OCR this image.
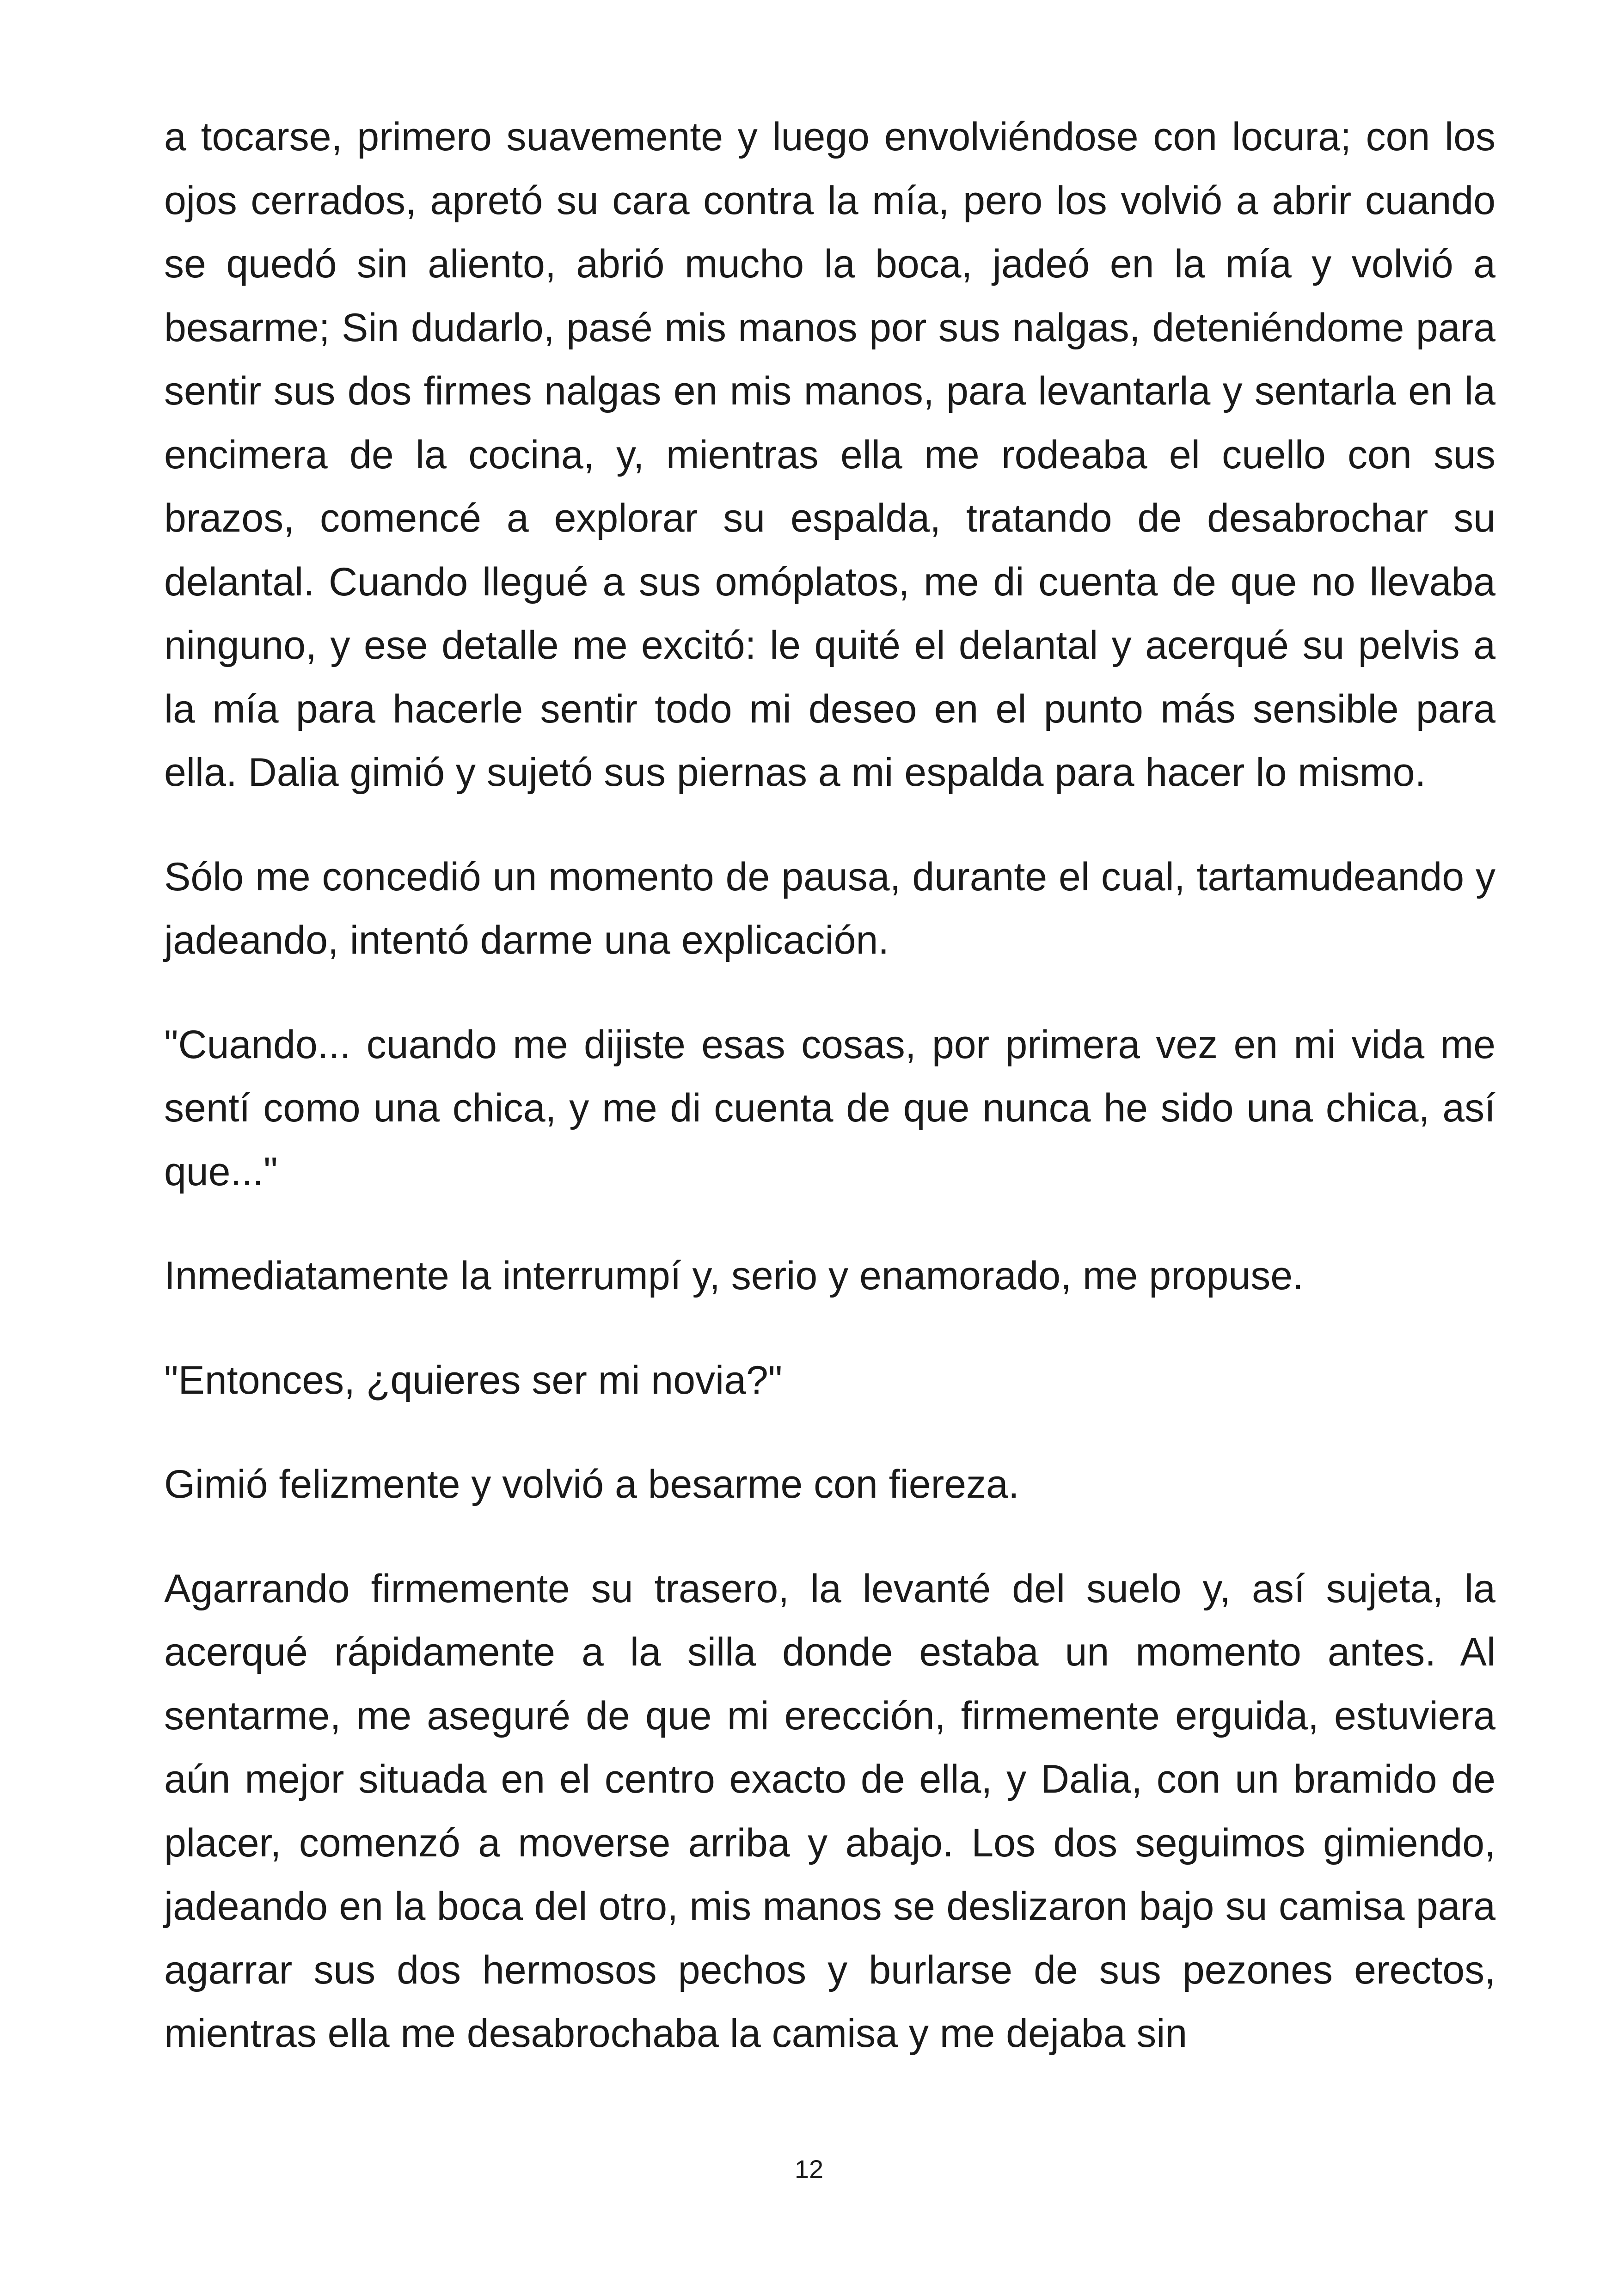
a tocarse, primero suavemente y luego envolviéndose con locura; con los ojos cerrados, apretó su cara contra la mía, pero los volvió a abrir cuando se quedó sin aliento, abrió mucho la boca, jadeó en la mía y volvió a besarme; Sin dudarlo, pasé mis manos por sus nalgas, deteniéndome para sentir sus dos firmes nalgas en mis manos, para levantarla y sentarla en la encimera de la cocina, y, mientras ella me rodeaba el cuello con sus brazos, comencé a explorar su espalda, tratando de desabrochar su delantal. Cuando llegué a sus omóplatos, me di cuenta de que no llevaba ninguno, y ese detalle me excitó: le quité el delantal y acerqué su pelvis a la mía para hacerle sentir todo mi deseo en el punto más sensible para ella. Dalia gimió y sujetó sus piernas a mi espalda para hacer lo mismo.

Sólo me concedió un momento de pausa, durante el cual, tartamudeando y jadeando, intentó darme una explicación.

"Cuando... cuando me dijiste esas cosas, por primera vez en mi vida me sentí como una chica, y me di cuenta de que nunca he sido una chica, así que..."

Inmediatamente la interrumpí y, serio y enamorado, me propuse.

"Entonces, ¿quieres ser mi novia?"

Gimió felizmente y volvió a besarme con fiereza.

Agarrando firmemente su trasero, la levanté del suelo y, así sujeta, la acerqué rápidamente a la silla donde estaba un momento antes. Al sentarme, me aseguré de que mi erección, firmemente erguida, estuviera aún mejor situada en el centro exacto de ella, y Dalia, con un bramido de placer, comenzó a moverse arriba y abajo. Los dos seguimos gimiendo, jadeando en la boca del otro, mis manos se deslizaron bajo su camisa para agarrar sus dos hermosos pechos y burlarse de sus pezones erectos, mientras ella me desabrochaba la camisa y me dejaba sin

12
